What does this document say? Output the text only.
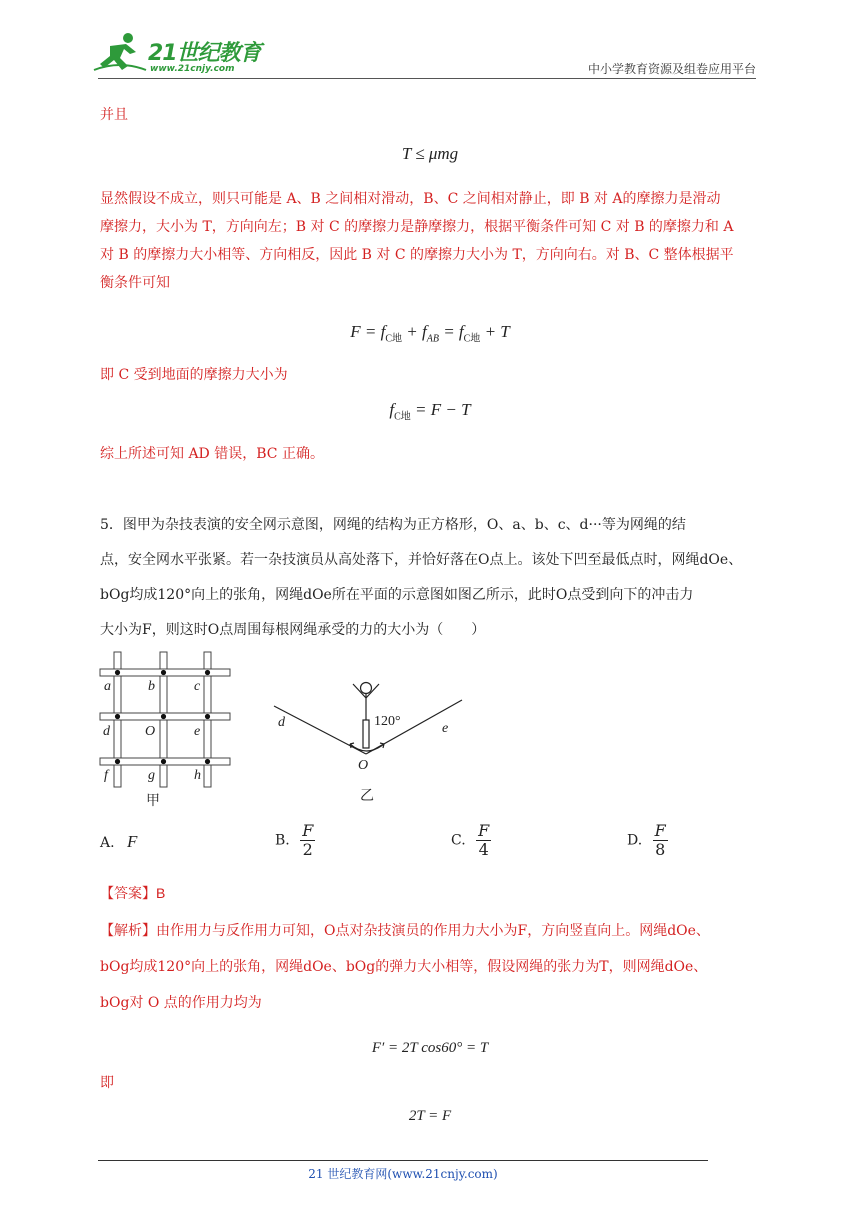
21世纪教育
www.21cnjy.com	中小学教育资源及组卷应用平台
并且
T ≤ μmg
显然假设不成立，则只可能是 A、B 之间相对滑动，B、C 之间相对静止，即 B 对 A的摩擦力是滑动
摩擦力，大小为 T，方向向左；B 对 C 的摩擦力是静摩擦力，根据平衡条件可知 C 对 B 的摩擦力和 A
对 B 的摩擦力大小相等、方向相反，因此 B 对 C 的摩擦力大小为 T，方向向右。对 B、C 整体根据平
衡条件可知
$F = f_{C地} + f_{AB} = f_{C地} + T$
即 C 受到地面的摩擦力大小为
$f_{C地} = F - T$
综上所述可知 AD 错误，BC 正确。
5．图甲为杂技表演的安全网示意图，网绳的结构为正方格形，O、a、b、c、d···等为网绳的结
点，安全网水平张紧。若一杂技演员从高处落下，并恰好落在O点上。该处下凹至最低点时，网绳dOe、
bOg均成120°向上的张角，网绳dOe所在平面的示意图如图乙所示，此时O点受到向下的冲击力
大小为F，则这时O点周围每根网绳承受的力的大小为（　　）
a	b	c
d	O	e
f	g	h
甲
d	e
120°
O
乙
A. F	B. $\frac{F}{2}$	C. $\frac{F}{4}$	D. $\frac{F}{8}$
【答案】B
【解析】由作用力与反作用力可知，O点对杂技演员的作用力大小为F，方向竖直向上。网绳dOe、
bOg均成120°向上的张角，网绳dOe、bOg的弹力大小相等，假设网绳的张力为T，则网绳dOe、
bOg对 O 点的作用力均为
F′ = 2T cos60° = T
即
2T = F
21 世纪教育网(www.21cnjy.com)
